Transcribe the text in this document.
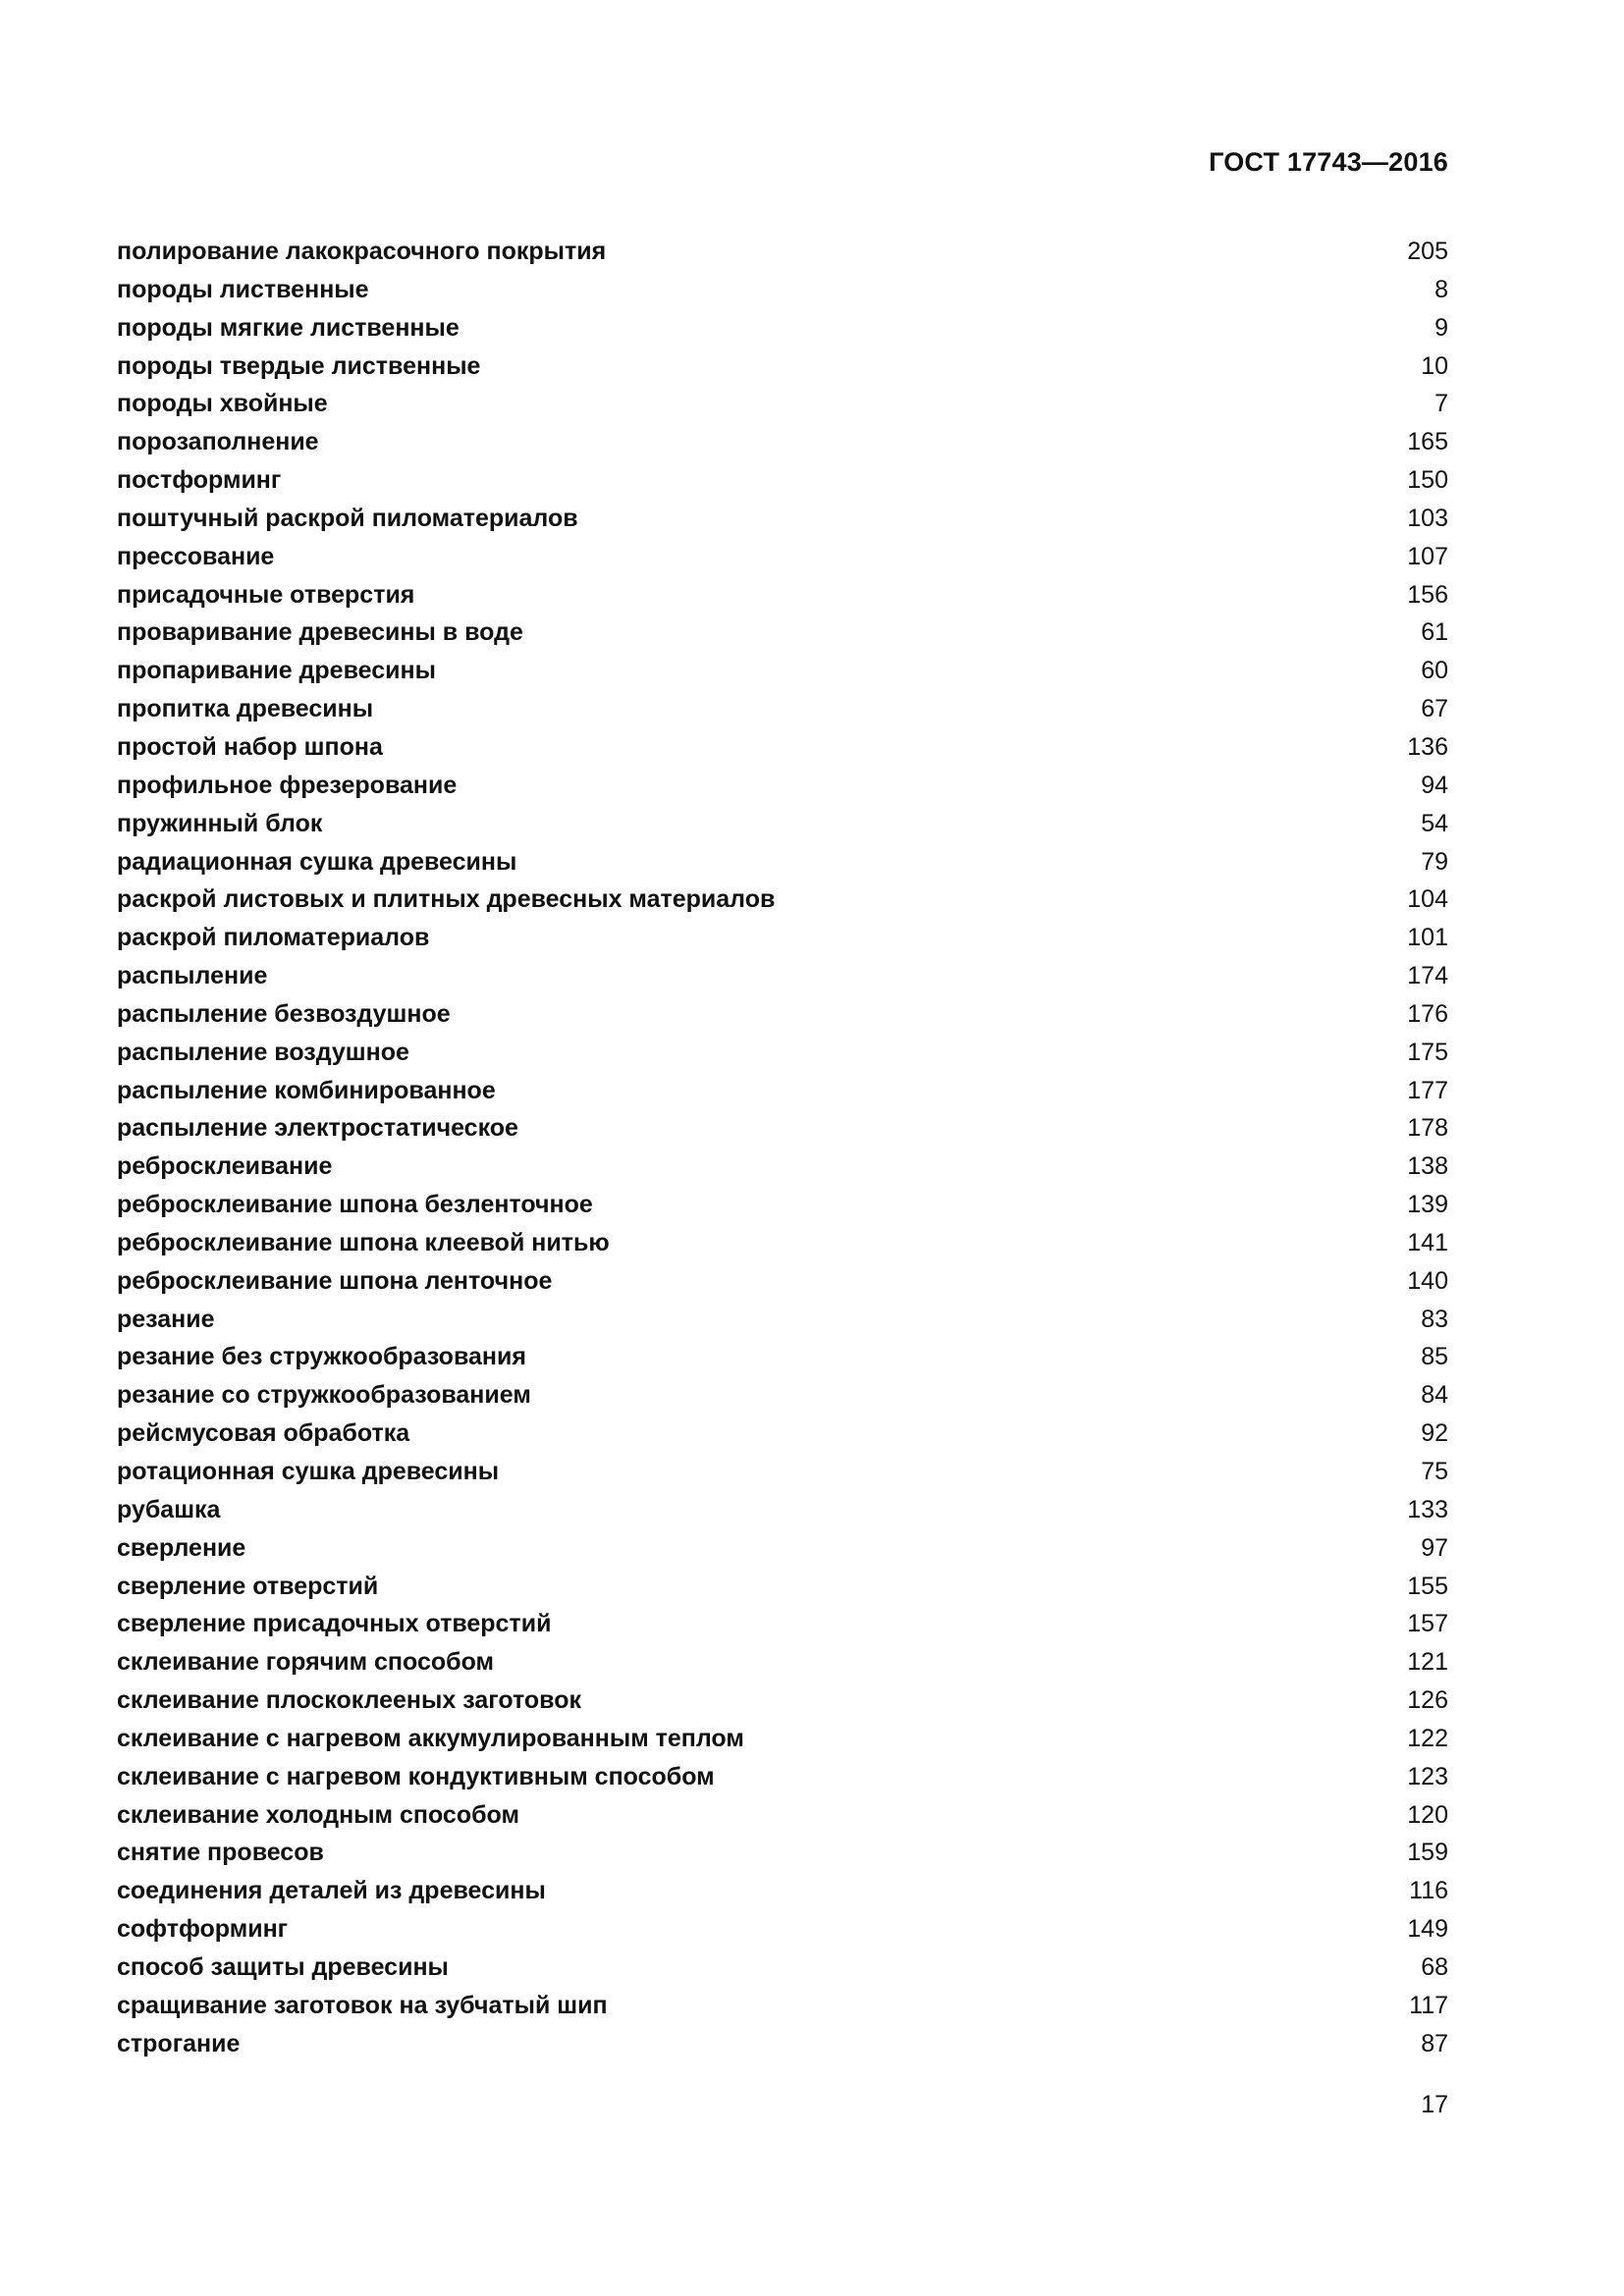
ГОСТ 17743—2016
полирование лакокрасочного покрытия	205
породы лиственные	8
породы мягкие лиственные	9
породы твердые лиственные	10
породы хвойные	7
порозаполнение	165
постформинг	150
поштучный раскрой пиломатериалов	103
прессование	107
присадочные отверстия	156
проваривание древесины в воде	61
пропаривание древесины	60
пропитка древесины	67
простой набор шпона	136
профильное фрезерование	94
пружинный блок	54
радиационная сушка древесины	79
раскрой листовых и плитных древесных материалов	104
раскрой пиломатериалов	101
распыление	174
распыление безвоздушное	176
распыление воздушное	175
распыление комбинированное	177
распыление электростатическое	178
ребросклеивание	138
ребросклеивание шпона безленточное	139
ребросклеивание шпона клеевой нитью	141
ребросклеивание шпона ленточное	140
резание	83
резание без стружкообразования	85
резание со стружкообразованием	84
рейсмусовая обработка	92
ротационная сушка древесины	75
рубашка	133
сверление	97
сверление отверстий	155
сверление присадочных отверстий	157
склеивание горячим способом	121
склеивание плоскоклееных заготовок	126
склеивание с нагревом аккумулированным теплом	122
склеивание с нагревом кондуктивным способом	123
склеивание холодным способом	120
снятие провесов	159
соединения деталей из древесины	116
софтформинг	149
способ защиты древесины	68
сращивание заготовок на зубчатый шип	117
строгание	87
17
